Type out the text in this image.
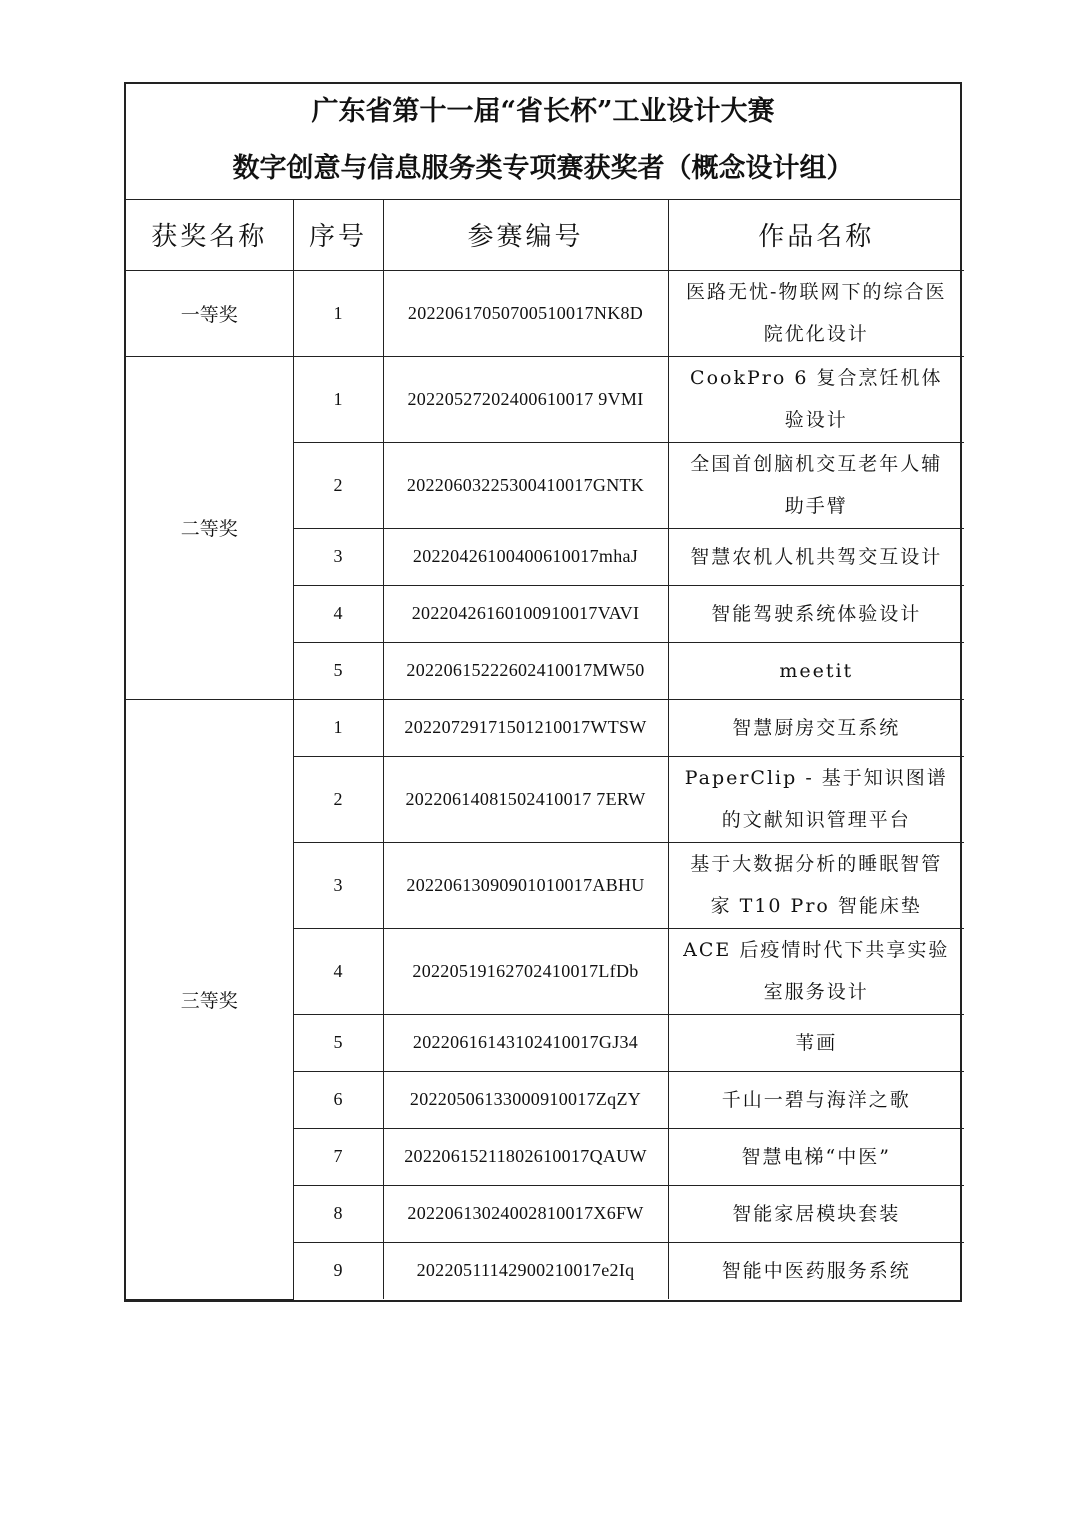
广东省第十一届“省长杯”工业设计大赛
数字创意与信息服务类专项赛获奖者（概念设计组）
获奖名称	序号	参赛编号	作品名称
一等奖	1	20220617050700510017NK8D	医路无忧-物联网下的综合医院优化设计
二等奖	1	20220527202400610017 9VMI	CookPro 6 复合烹饪机体验设计
	2	20220603225300410017GNTK	全国首创脑机交互老年人辅助手臂
	3	20220426100400610017mhaJ	智慧农机人机共驾交互设计
	4	20220426160100910017VAVI	智能驾驶系统体验设计
	5	20220615222602410017MW50	meetit
三等奖	1	20220729171501210017WTSW	智慧厨房交互系统
	2	20220614081502410017 7ERW	PaperClip - 基于知识图谱的文献知识管理平台
	3	20220613090901010017ABHU	基于大数据分析的睡眠智管家 T10 Pro 智能床垫
	4	20220519162702410017LfDb	ACE 后疫情时代下共享实验室服务设计
	5	20220616143102410017GJ34	苇画
	6	20220506133000910017ZqZY	千山一碧与海洋之歌
	7	20220615211802610017QAUW	智慧电梯“中医”
	8	20220613024002810017X6FW	智能家居模块套装
	9	20220511142900210017e2Iq	智能中医药服务系统
